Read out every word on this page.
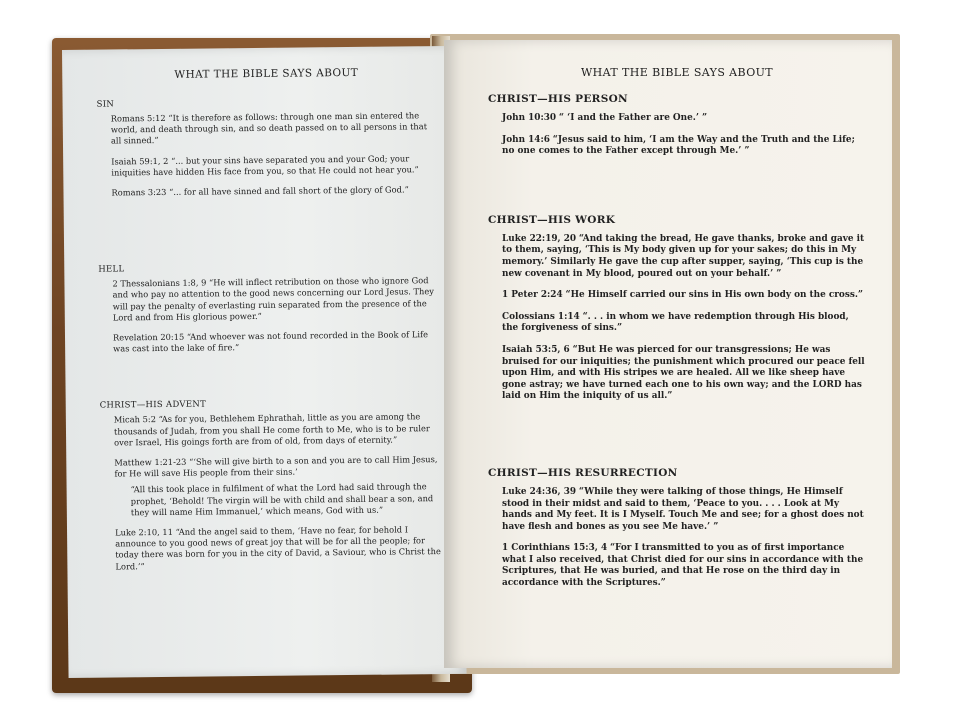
WHAT THE BIBLE SAYS ABOUT
SIN
Romans 5:12 “It is therefore as follows: through one man sin entered the world, and death through sin, and so death passed on to all persons in that all sinned.”
Isaiah 59:1, 2 “... but your sins have separated you and your God; your iniquities have hidden His face from you, so that He could not hear you.”
Romans 3:23 “... for all have sinned and fall short of the glory of God.”
HELL
2 Thessalonians 1:8, 9 “He will inflect retribution on those who ignore God and who pay no attention to the good news concerning our Lord Jesus. They will pay the penalty of everlasting ruin separated from the presence of the Lord and from His glorious power.”
Revelation 20:15 “And whoever was not found recorded in the Book of Life was cast into the lake of fire.”
CHRIST—HIS ADVENT
Micah 5:2 “As for you, Bethlehem Ephrathah, little as you are among the thousands of Judah, from you shall He come forth to Me, who is to be ruler over Israel, His goings forth are from of old, from days of eternity.”
Matthew 1:21-23 “‘She will give birth to a son and you are to call Him Jesus, for He will save His people from their sins.’
“All this took place in fulfilment of what the Lord had said through the prophet, ‘Behold! The virgin will be with child and shall bear a son, and they will name Him Immanuel,’ which means, God with us.”
Luke 2:10, 11 “And the angel said to them, ‘Have no fear, for behold I announce to you good news of great joy that will be for all the people; for today there was born for you in the city of David, a Saviour, who is Christ the Lord.’”

WHAT THE BIBLE SAYS ABOUT
CHRIST—HIS PERSON
John 10:30 “ ‘I and the Father are One.’ ”
John 14:6 “Jesus said to him, ‘I am the Way and the Truth and the Life; no one comes to the Father except through Me.’ ”
CHRIST—HIS WORK
Luke 22:19, 20 “And taking the bread, He gave thanks, broke and gave it to them, saying, ‘This is My body given up for your sakes; do this in My memory.’ Similarly He gave the cup after supper, saying, ‘This cup is the new covenant in My blood, poured out on your behalf.’ ”
1 Peter 2:24 “He Himself carried our sins in His own body on the cross.”
Colossians 1:14 “. . . in whom we have redemption through His blood, the forgiveness of sins.”
Isaiah 53:5, 6 “But He was pierced for our transgressions; He was bruised for our iniquities; the punishment which procured our peace fell upon Him, and with His stripes we are healed. All we like sheep have gone astray; we have turned each one to his own way; and the LORD has laid on Him the iniquity of us all.”
CHRIST—HIS RESURRECTION
Luke 24:36, 39 “While they were talking of those things, He Himself stood in their midst and said to them, ‘Peace to you. . . . Look at My hands and My feet. It is I Myself. Touch Me and see; for a ghost does not have flesh and bones as you see Me have.’ ”
1 Corinthians 15:3, 4 “For I transmitted to you as of first importance what I also received, that Christ died for our sins in accordance with the Scriptures, that He was buried, and that He rose on the third day in accordance with the Scriptures.”
